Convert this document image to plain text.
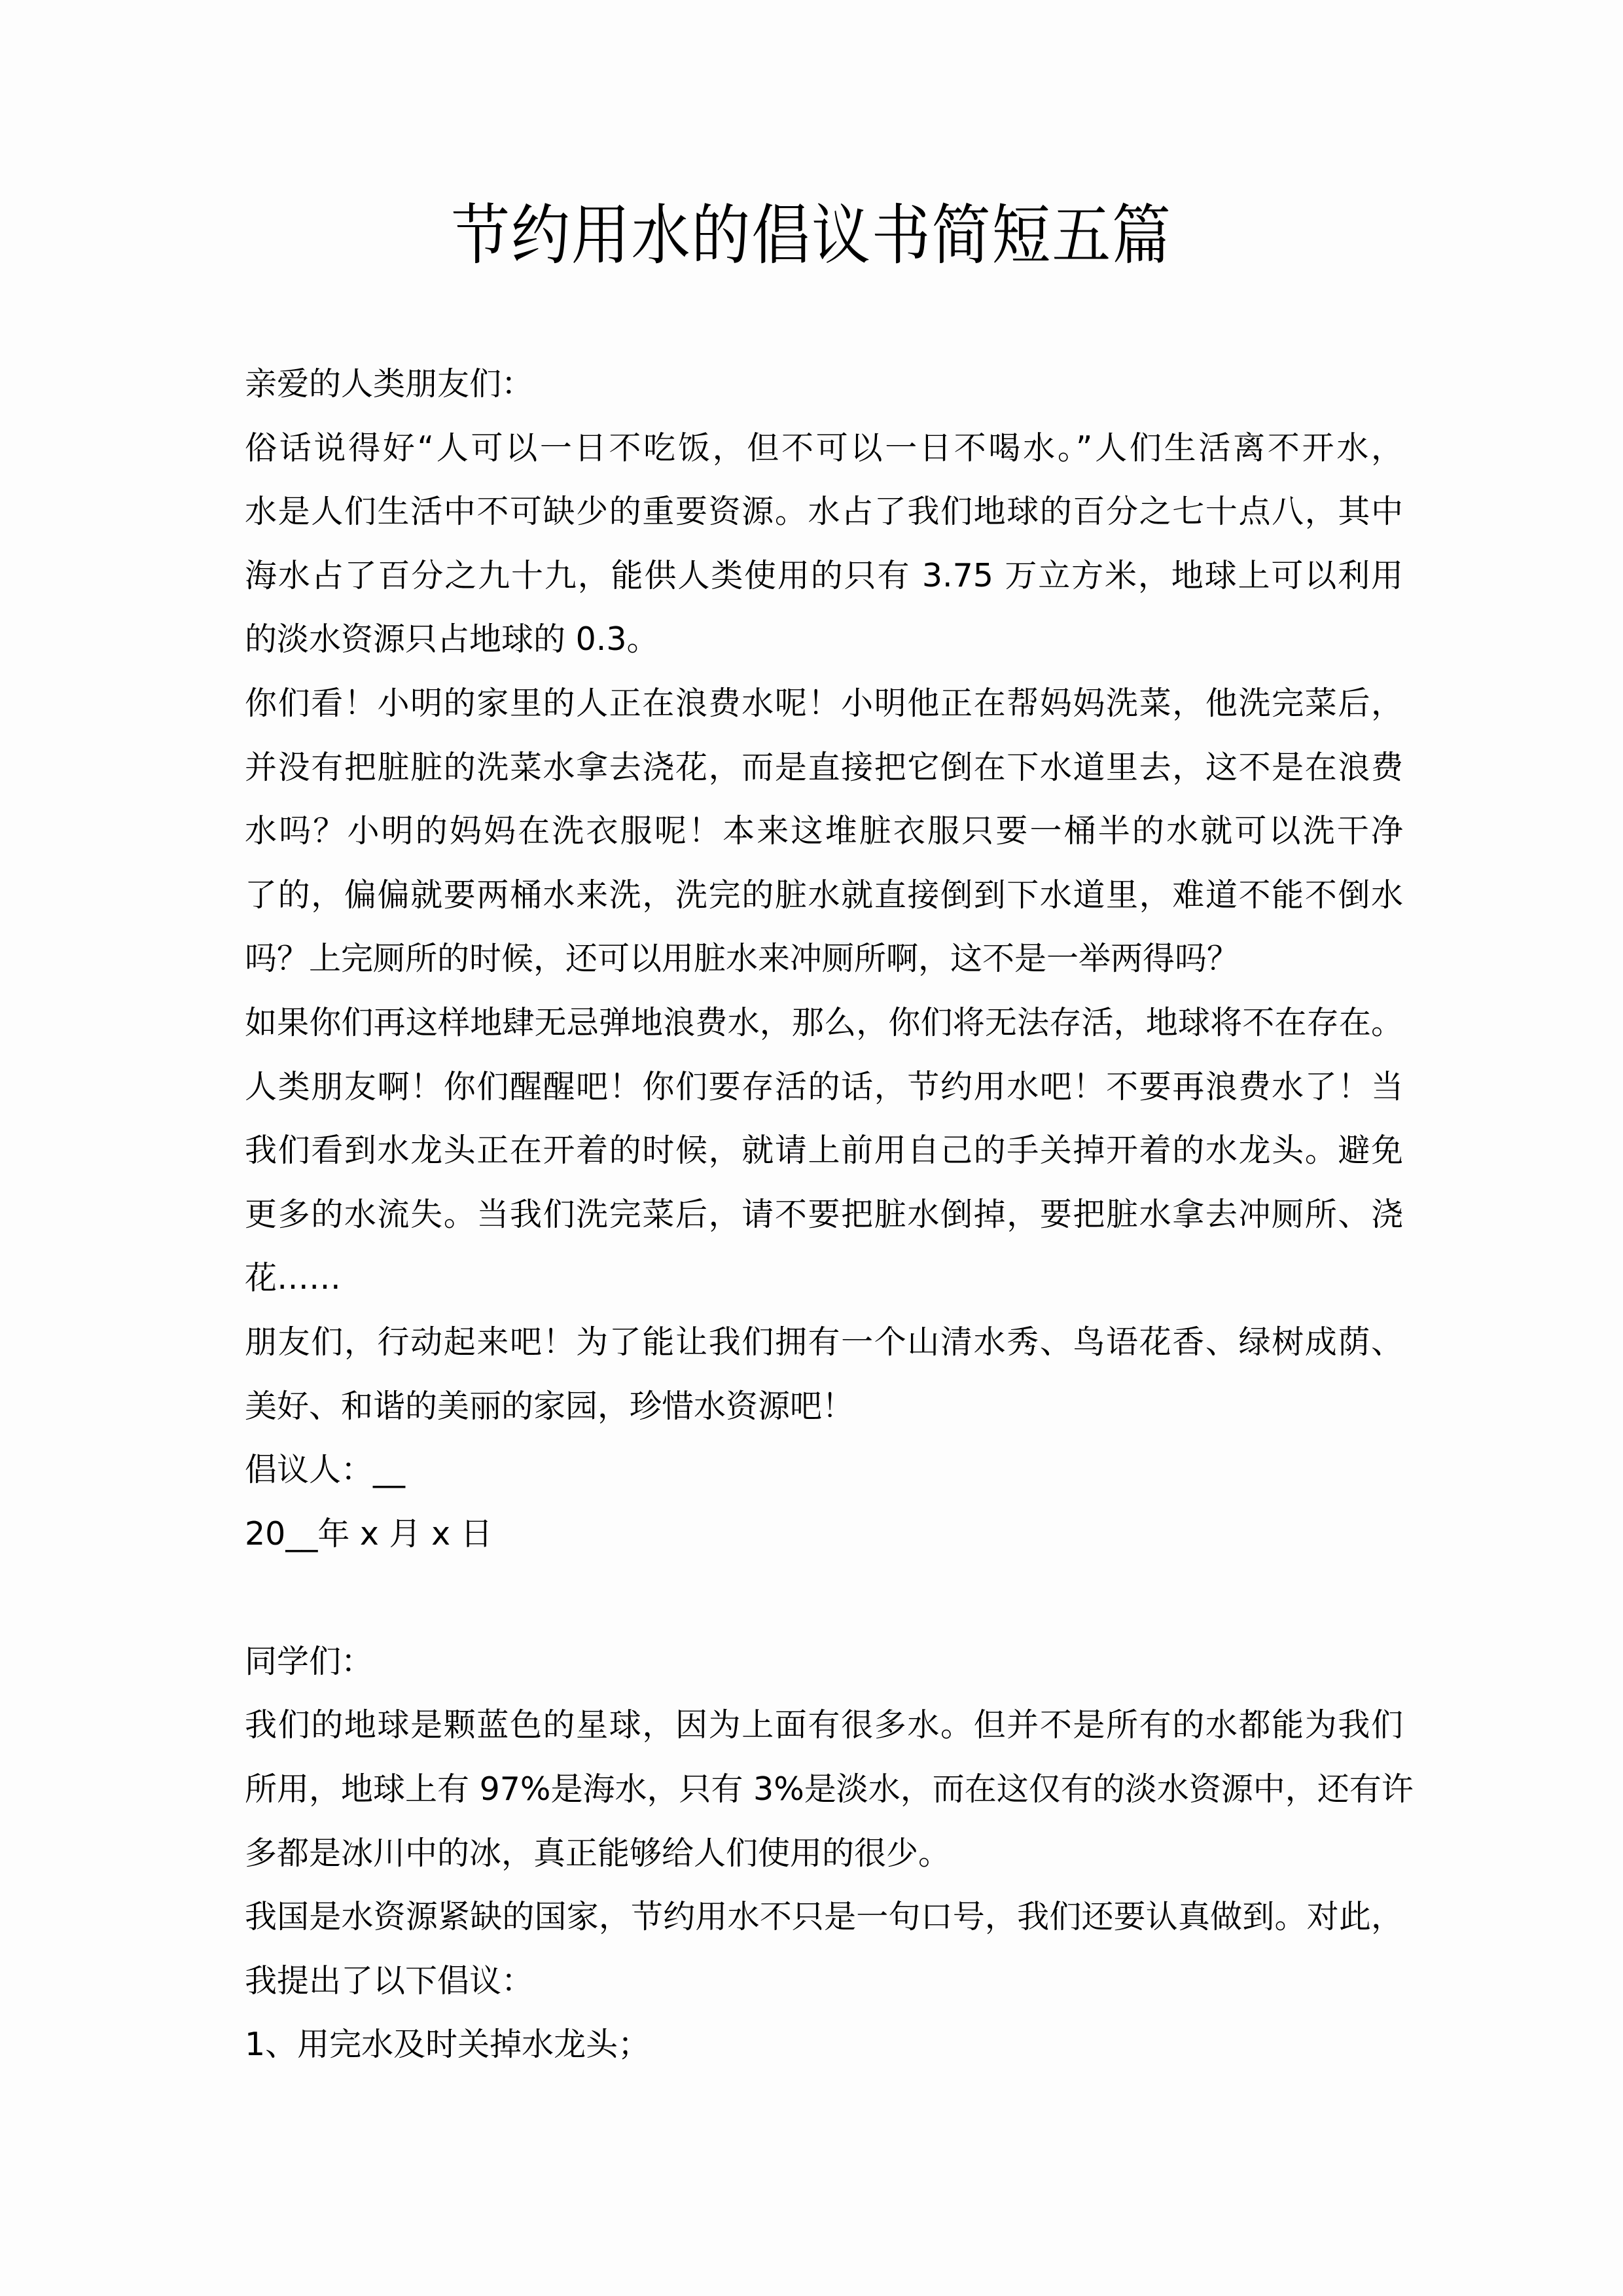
节约用水的倡议书简短五篇
亲爱的人类朋友们：
俗话说得好“人可以一日不吃饭，但不可以一日不喝水。”人们生活离不开水，
水是人们生活中不可缺少的重要资源。水占了我们地球的百分之七十点八，其中
海水占了百分之九十九，能供人类使用的只有 3.75 万立方米，地球上可以利用
的淡水资源只占地球的 0.3。
你们看！小明的家里的人正在浪费水呢！小明他正在帮妈妈洗菜，他洗完菜后，
并没有把脏脏的洗菜水拿去浇花，而是直接把它倒在下水道里去，这不是在浪费
水吗？小明的妈妈在洗衣服呢！本来这堆脏衣服只要一桶半的水就可以洗干净
了的，偏偏就要两桶水来洗，洗完的脏水就直接倒到下水道里，难道不能不倒水
吗？上完厕所的时候，还可以用脏水来冲厕所啊，这不是一举两得吗？
如果你们再这样地肆无忌弹地浪费水，那么，你们将无法存活，地球将不在存在。
人类朋友啊！你们醒醒吧！你们要存活的话，节约用水吧！不要再浪费水了！当
我们看到水龙头正在开着的时候，就请上前用自己的手关掉开着的水龙头。避免
更多的水流失。当我们洗完菜后，请不要把脏水倒掉，要把脏水拿去冲厕所、浇
花……
朋友们，行动起来吧！为了能让我们拥有一个山清水秀、鸟语花香、绿树成荫、
美好、和谐的美丽的家园，珍惜水资源吧！
倡议人：__
20__年 x 月 x 日
同学们：
我们的地球是颗蓝色的星球，因为上面有很多水。但并不是所有的水都能为我们
所用，地球上有 97%是海水，只有 3%是淡水，而在这仅有的淡水资源中，还有许
多都是冰川中的冰，真正能够给人们使用的很少。
我国是水资源紧缺的国家，节约用水不只是一句口号，我们还要认真做到。对此，
我提出了以下倡议：
1、用完水及时关掉水龙头；
